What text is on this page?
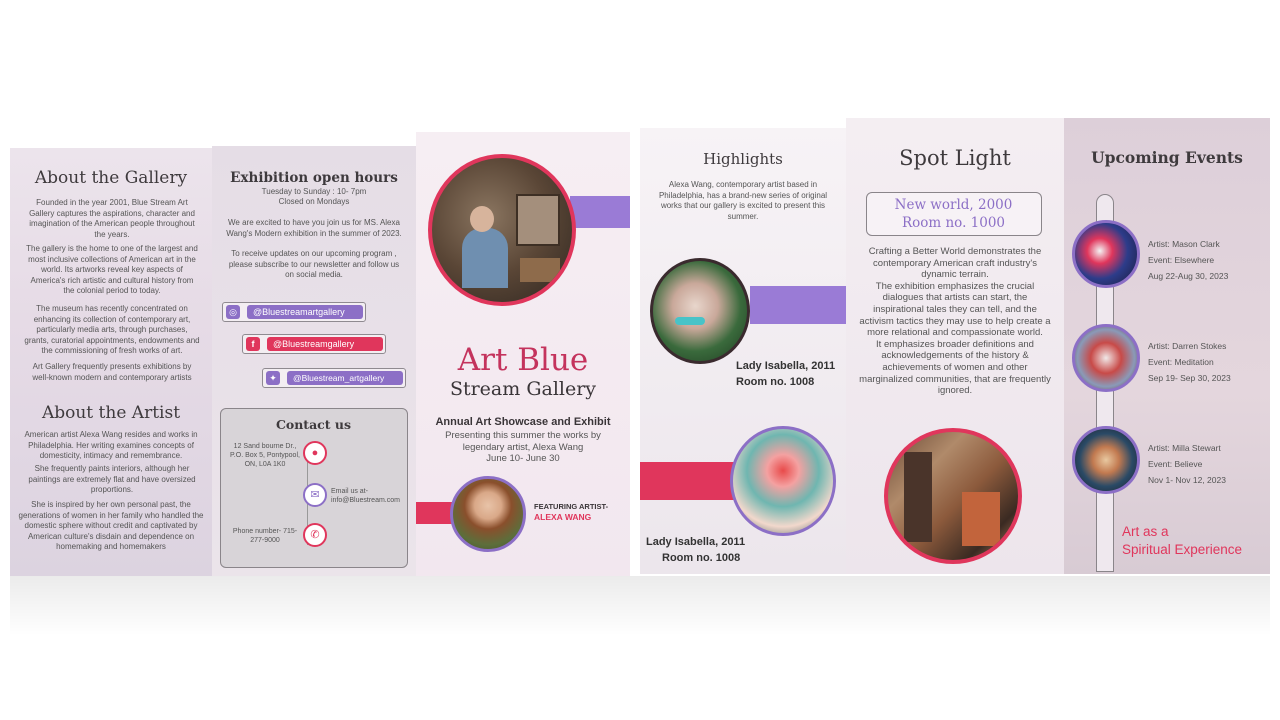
About the Gallery
Founded in the year 2001, Blue Stream Art Gallery captures the aspirations, character and imagination of the American people throughout the years.
The gallery is the home to one of the largest and most inclusive collections of American art in the world. Its artworks reveal key aspects of America's rich artistic and cultural history from the colonial period to today.
The museum has recently concentrated on enhancing its collection of contemporary art, particularly media arts, through purchases, grants, curatorial appointments, endowments and the commissioning of fresh works of art.
Art Gallery frequently presents exhibitions by well-known modern and contemporary artists
About the Artist
American artist Alexa Wang resides and works in Philadelphia. Her writing examines concepts of domesticity, intimacy and remembrance.
She frequently paints interiors, although her paintings are extremely flat and have oversized proportions.
She is inspired by her own personal past, the generations of women in her family who handled the domestic sphere without credit and captivated by American culture's disdain and dependence on homemaking and homemakers
Exhibition open hours
Tuesday to Sunday : 10- 7pm
Closed on Mondays
We are excited to have you join us for MS. Alexa Wang's Modern exhibition in the summer of 2023.
To receive updates on our upcoming program , please subscribe to our newsletter and follow us on social media.
◎	@Bluestreamartgallery
f	@Bluestreamgallery
✦	@Bluestream_artgallery
Contact us
12 Sand bourne Dr., P.O. Box 5, Pontypool, ON, L0A 1K0
●
✉	Email us at- info@Bluestream.com
✆
Phone number- 715-277-9000
Art Blue
Stream Gallery
Annual Art Showcase and Exhibit
Presenting this summer the works by legendary artist, Alexa Wang
June 10- June 30
FEATURING ARTIST-
ALEXA WANG
Highlights
Alexa Wang, contemporary artist based in Philadelphia, has a brand-new series of original works that our gallery is excited to present this summer.
Lady Isabella, 2011
Room no. 1008
Lady Isabella, 2011
Room no. 1008
Spot Light
New world, 2000
Room no. 1000
Crafting a Better World demonstrates the contemporary American craft industry's dynamic terrain.
The exhibition emphasizes the crucial dialogues that artists can start, the inspirational tales they can tell, and the activism tactics they may use to help create a more relational and compassionate world.
It emphasizes broader definitions and acknowledgements of the history & achievements of women and other marginalized communities, that are frequently ignored.
Upcoming Events
Artist: Mason Clark
Event: Elsewhere
Aug 22-Aug 30, 2023
Artist: Darren Stokes
Event: Meditation
Sep 19- Sep 30, 2023
Artist: Milla Stewart
Event: Believe
Nov 1- Nov 12, 2023
Art as a
Spiritual Experience
